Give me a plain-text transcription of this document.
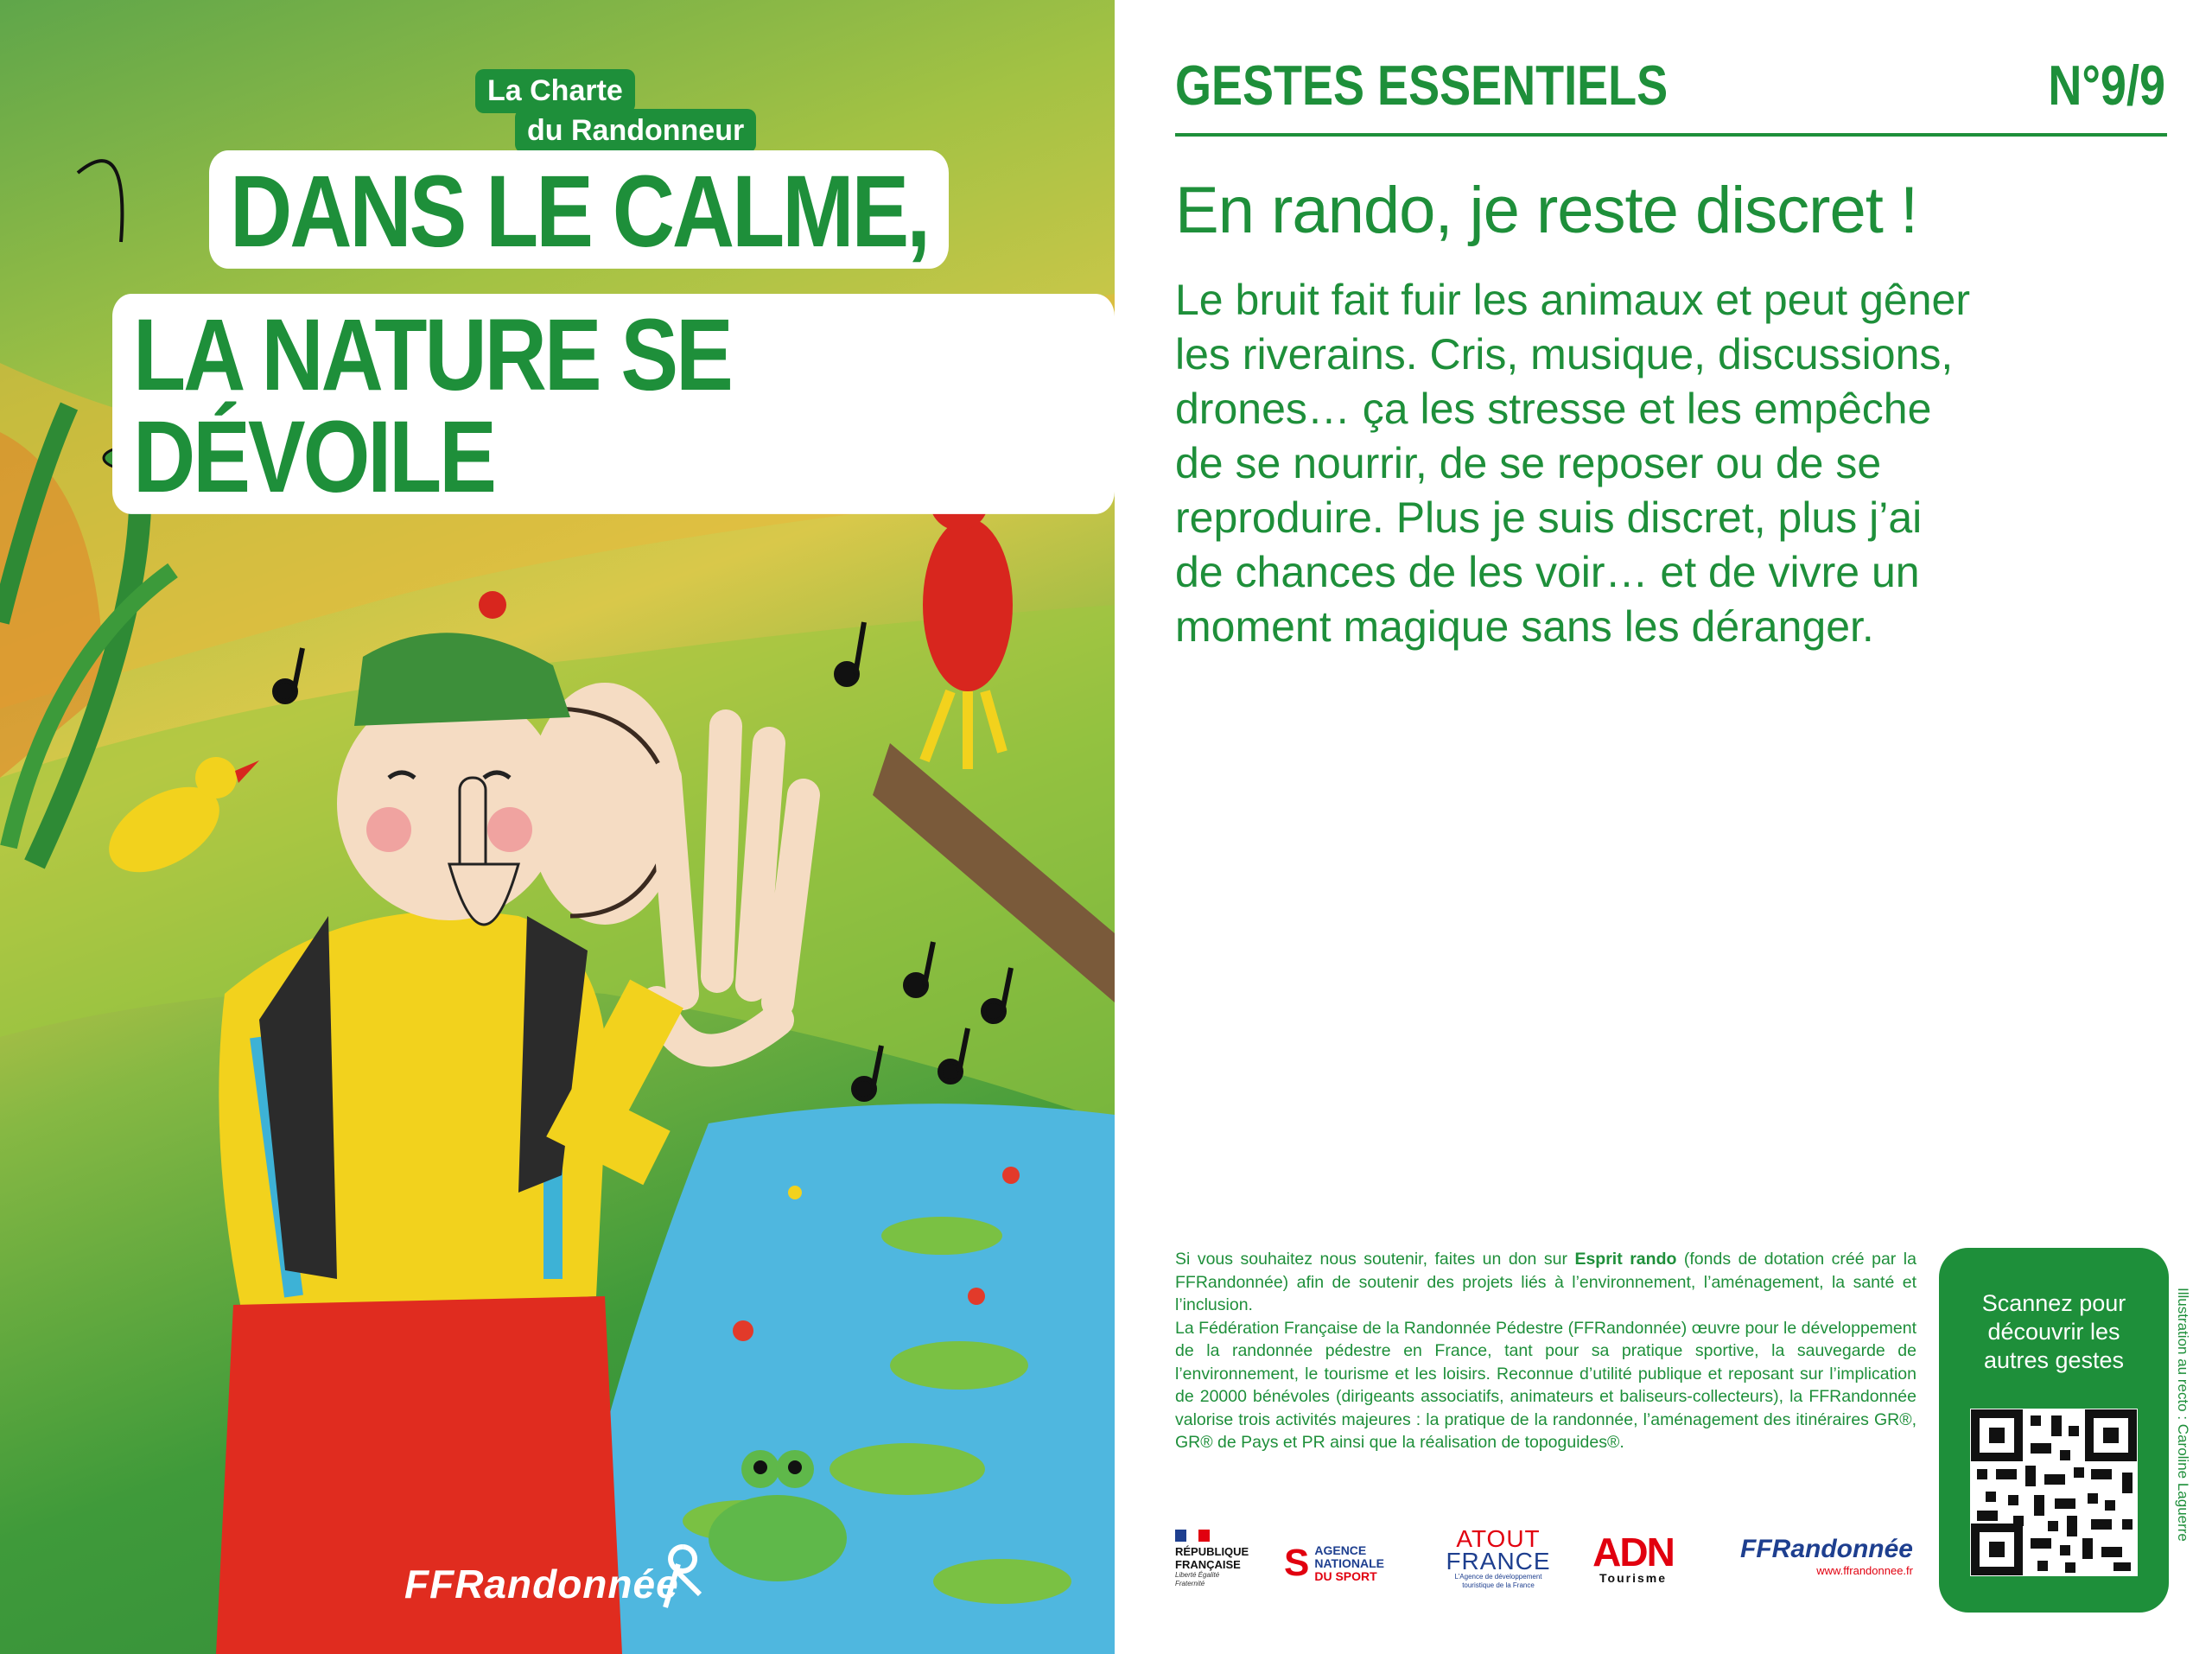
La Charte
du Randonneur
DANS LE CALME,
LA NATURE SE DÉVOILE
FFRandonnée
GESTES ESSENTIELS	N°9/9
En rando, je reste discret !
Le bruit fait fuir les animaux et peut gêner
les riverains. Cris, musique, discussions,
drones… ça les stresse et les empêche
de se nourrir, de se reposer ou de se
reproduire. Plus je suis discret, plus j’ai
de chances de les voir… et de vivre un
moment magique sans les déranger.
Si vous souhaitez nous soutenir, faites un don sur Esprit rando (fonds de dotation créé par la FFRandonnée) afin de soutenir des projets liés à l’environnement, l’aménagement, la santé et l’inclusion.
La Fédération Française de la Randonnée Pédestre (FFRandonnée) œuvre pour le développement de la randonnée pédestre en France, tant pour sa pratique sportive, la sauvegarde de l’environnement, le tourisme et les loisirs. Reconnue d’utilité publique et reposant sur l’implication de 20000 bénévoles (dirigeants associatifs, animateurs et baliseurs-collecteurs), la FFRandonnée valorise trois activités majeures : la pratique de la randonnée, l’aménagement des itinéraires GR®, GR® de Pays et PR ainsi que la réalisation de topoguides®.
Scannez pour
découvrir les
autres gestes	Illustration au recto : Caroline Laguerre
RÉPUBLIQUE
FRANÇAISE
Liberté Égalité Fraternité	S AGENCE
NATIONALE
DU SPORT
ATOUT
FRANCE
L’Agence de développement touristique de la France
ADN
Tourisme
FFRandonnée
www.ffrandonnee.fr
